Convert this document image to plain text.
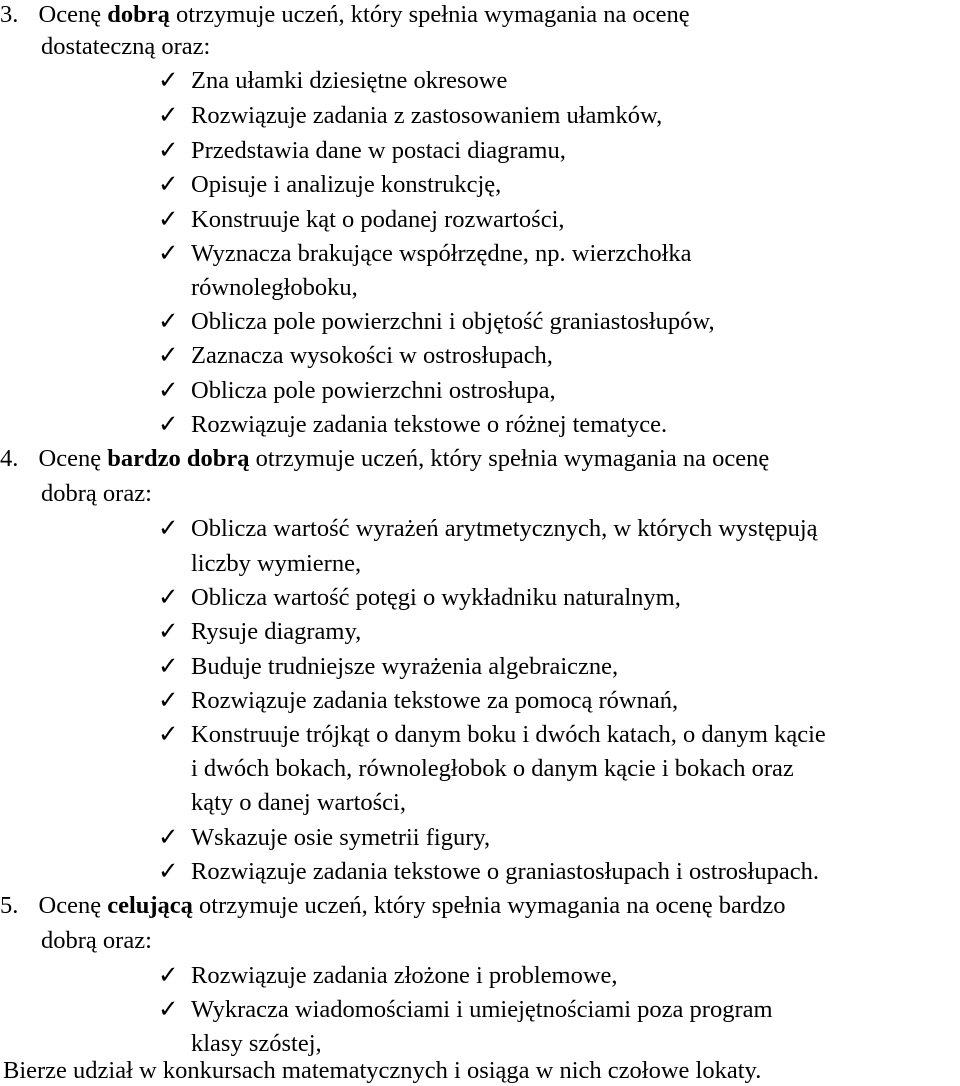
3. Ocenę dobrą otrzymuje uczeń, który spełnia wymagania na ocenę
dostateczną oraz:
✓ Zna ułamki dziesiętne okresowe
✓ Rozwiązuje zadania z zastosowaniem ułamków,
✓ Przedstawia dane w postaci diagramu,
✓ Opisuje i analizuje konstrukcję,
✓ Konstruuje kąt o podanej rozwartości,
✓ Wyznacza brakujące współrzędne, np. wierzchołka
równoległoboku,
✓ Oblicza pole powierzchni i objętość graniastosłupów,
✓ Zaznacza wysokości w ostrosłupach,
✓ Oblicza pole powierzchni ostrosłupa,
✓ Rozwiązuje zadania tekstowe o różnej tematyce.
4. Ocenę bardzo dobrą otrzymuje uczeń, który spełnia wymagania na ocenę
dobrą oraz:
✓ Oblicza wartość wyrażeń arytmetycznych, w których występują
liczby wymierne,
✓ Oblicza wartość potęgi o wykładniku naturalnym,
✓ Rysuje diagramy,
✓ Buduje trudniejsze wyrażenia algebraiczne,
✓ Rozwiązuje zadania tekstowe za pomocą równań,
✓ Konstruuje trójkąt o danym boku i dwóch katach, o danym kącie
i dwóch bokach, równoległobok o danym kącie i bokach oraz
kąty o danej wartości,
✓ Wskazuje osie symetrii figury,
✓ Rozwiązuje zadania tekstowe o graniastosłupach i ostrosłupach.
5. Ocenę celującą otrzymuje uczeń, który spełnia wymagania na ocenę bardzo
dobrą oraz:
✓ Rozwiązuje zadania złożone i problemowe,
✓ Wykracza wiadomościami i umiejętnościami poza program
klasy szóstej,
Bierze udział w konkursach matematycznych i osiąga w nich czołowe lokaty.
